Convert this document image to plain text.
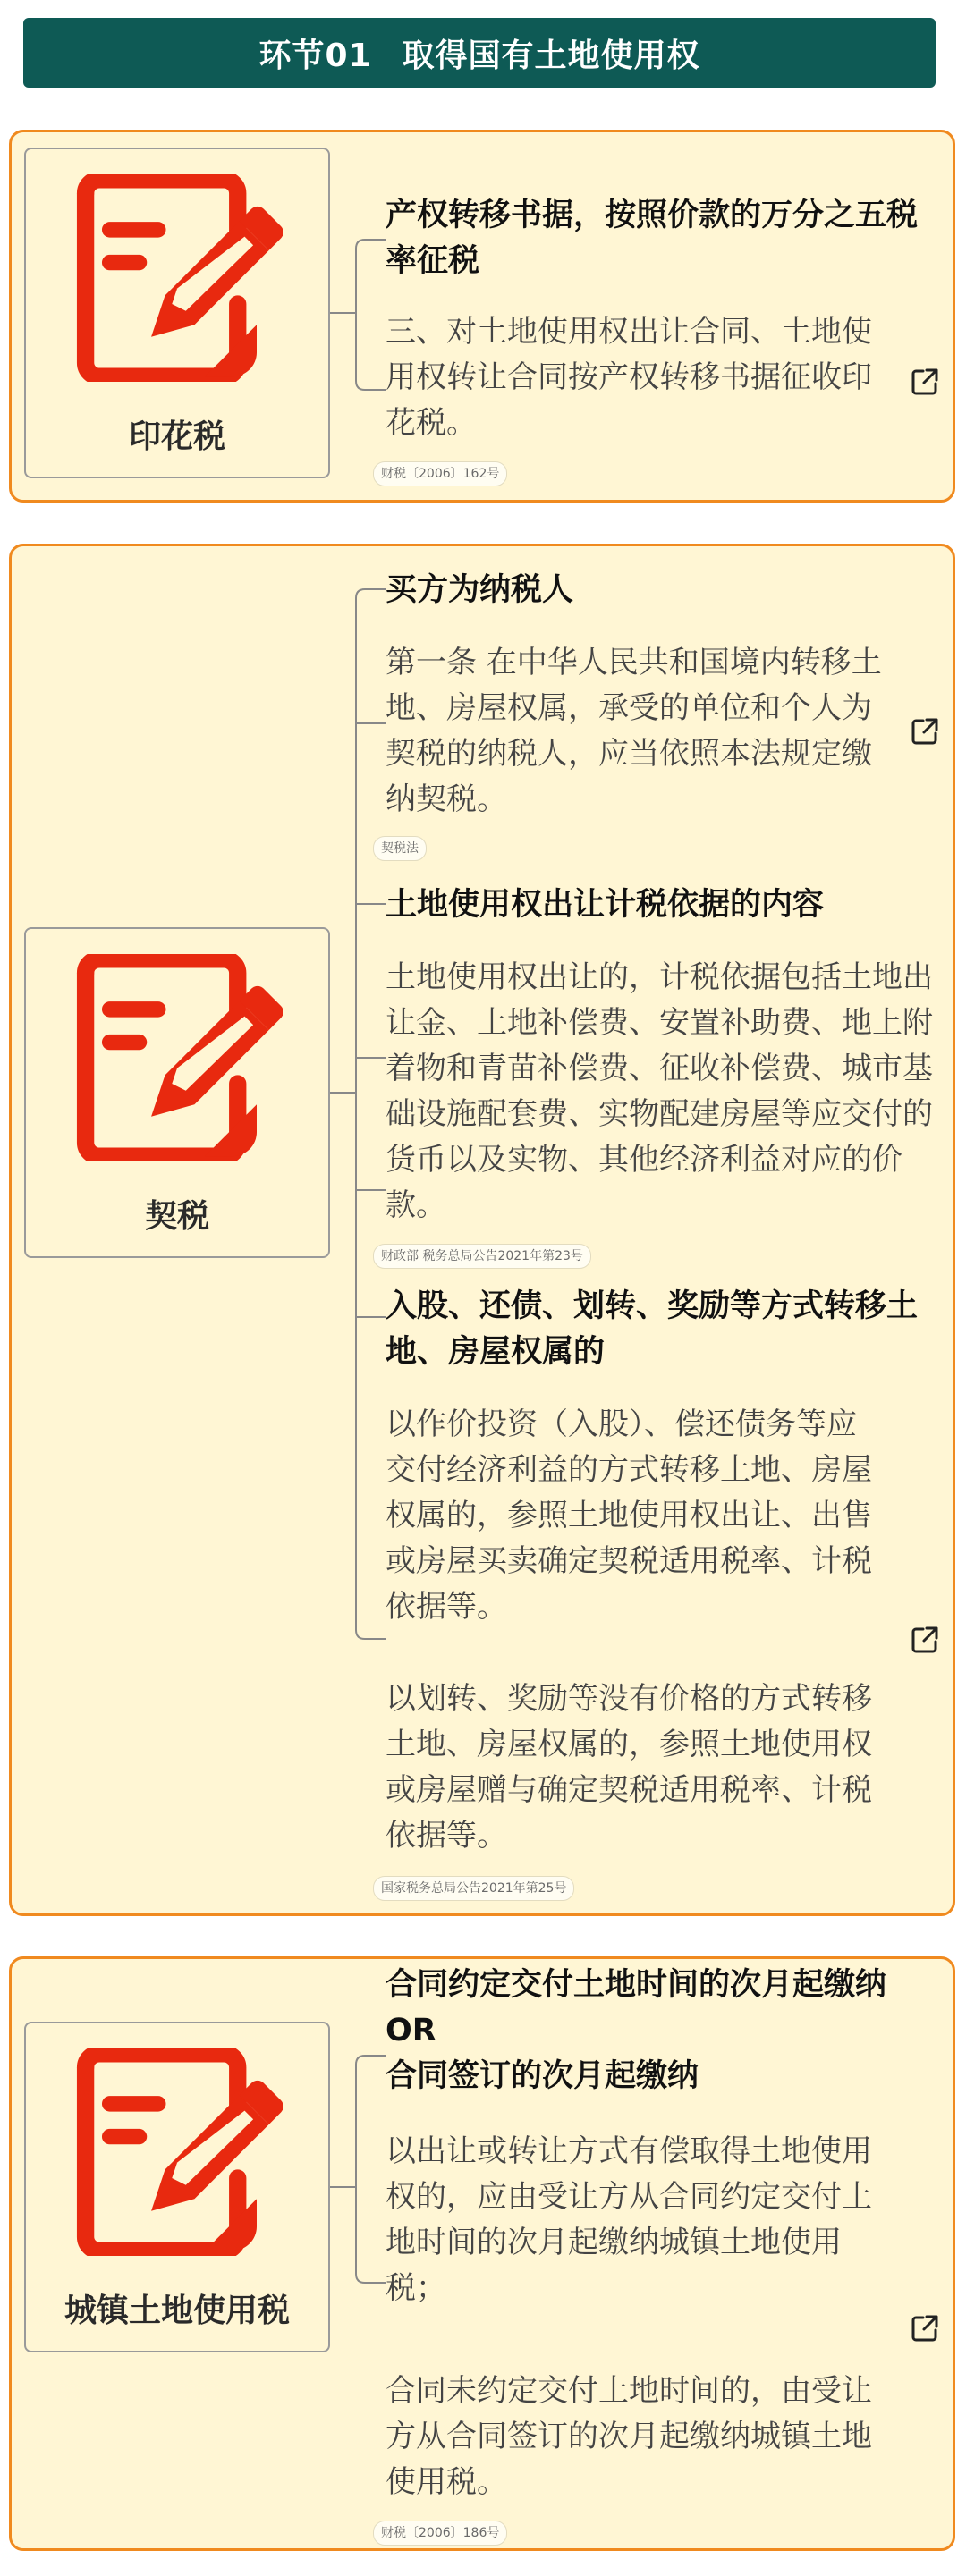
环节01 取得国有土地使用权
印花税
产权转移书据，按照价款的万分之五税率征税
三、对土地使用权出让合同、土地使用权转让合同按产权转移书据征收印花税。
财税〔2006〕162号
契税
买方为纳税人
第一条 在中华人民共和国境内转移土地、房屋权属，承受的单位和个人为契税的纳税人，应当依照本法规定缴纳契税。
契税法
土地使用权出让计税依据的内容
土地使用权出让的，计税依据包括土地出让金、土地补偿费、安置补助费、地上附着物和青苗补偿费、征收补偿费、城市基础设施配套费、实物配建房屋等应交付的货币以及实物、其他经济利益对应的价款。
财政部 税务总局公告2021年第23号
入股、还债、划转、奖励等方式转移土地、房屋权属的
以作价投资（入股）、偿还债务等应交付经济利益的方式转移土地、房屋权属的，参照土地使用权出让、出售或房屋买卖确定契税适用税率、计税依据等。
以划转、奖励等没有价格的方式转移土地、房屋权属的，参照土地使用权或房屋赠与确定契税适用税率、计税依据等。
国家税务总局公告2021年第25号
城镇土地使用税
合同约定交付土地时间的次月起缴纳
OR
合同签订的次月起缴纳
以出让或转让方式有偿取得土地使用权的，应由受让方从合同约定交付土地时间的次月起缴纳城镇土地使用税；
合同未约定交付土地时间的，由受让方从合同签订的次月起缴纳城镇土地使用税。
财税〔2006〕186号
